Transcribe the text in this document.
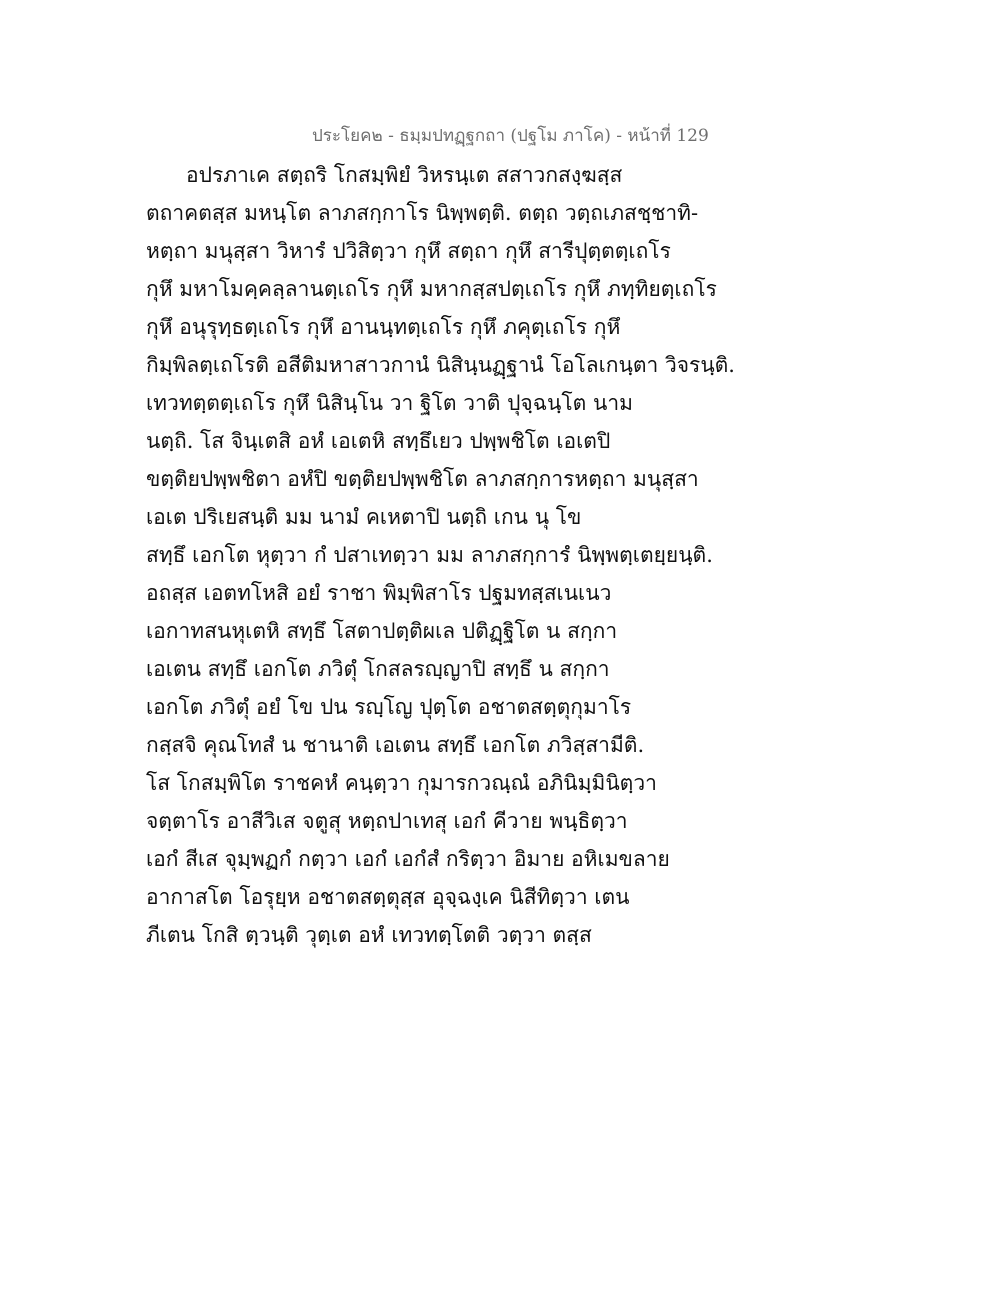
ประโยค๒ - ธมฺมปทฏฺฐกถา (ปฐโม ภาโค) - หน้าที่ 129
อปรภาเค สตฺถริ โกสมฺพิยํ วิหรนฺเต สสาวกสงฺฆสฺส
ตถาคตสฺส มหนฺโต ลาภสกฺกาโร นิพฺพตฺติ. ตตฺถ วตฺถเภสชฺชาทิ-
หตฺถา มนุสฺสา วิหารํ ปวิสิตฺวา กุหึ สตฺถา กุหึ สารีปุตฺตตฺเถโร
กุหึ มหาโมคฺคลฺลานตฺเถโร กุหึ มหากสฺสปตฺเถโร กุหึ ภทฺทิยตฺเถโร
กุหึ อนุรุทฺธตฺเถโร กุหึ อานนฺทตฺเถโร กุหึ ภคุตฺเถโร กุหึ
กิมฺพิลตฺเถโรติ อสีติมหาสาวกานํ นิสินฺนฏฺฐานํ โอโลเกนฺตา วิจรนฺติ.
เทวทตฺตตฺเถโร กุหึ นิสินฺโน วา ฐิโต วาติ ปุจฺฉนฺโต นาม
นตฺถิ. โส จินฺเตสิ อหํ เอเตหิ สทฺธึเยว ปพฺพชิโต เอเตปิ
ขตฺติยปพฺพชิตา อหํปิ ขตฺติยปพฺพชิโต ลาภสกฺการหตฺถา มนุสฺสา
เอเต ปริเยสนฺติ มม นามํ คเหตาปิ นตฺถิ เกน นุ โข
สทฺธึ เอกโต หุตฺวา กํ ปสาเทตฺวา มม ลาภสกฺการํ นิพฺพตฺเตยฺยนฺติ.
อถสฺส เอตทโหสิ อยํ ราชา พิมฺพิสาโร ปฐมทสฺสเนเนว
เอกาทสนหุเตหิ สทฺธึ โสตาปตฺติผเล ปติฏฺฐิโต น สกฺกา
เอเตน สทฺธึ เอกโต ภวิตุํ โกสลรญฺญาปิ สทฺธึ น สกฺกา
เอกโต ภวิตุํ อยํ โข ปน รญฺโญ ปุตฺโต อชาตสตฺตุกุมาโร
กสฺสจิ คุณโทสํ น ชานาติ เอเตน สทฺธึ เอกโต ภวิสฺสามีติ.
โส โกสมฺพิโต ราชคหํ คนฺตฺวา กุมารกวณฺณํ อภินิมฺมินิตฺวา
จตฺตาโร อาสีวิเส จตูสุ หตฺถปาเทสุ เอกํ คีวาย พนฺธิตฺวา
เอกํ สีเส จุมฺพฏกํ กตฺวา เอกํ เอกํสํ กริตฺวา อิมาย อหิเมขลาย
อากาสโต โอรุยฺห อชาตสตฺตุสฺส อุจฺฉงฺเค นิสีทิตฺวา เตน
ภีเตน โกสิ ตฺวนฺติ วุตฺเต อหํ เทวทตฺโตติ วตฺวา ตสฺส
